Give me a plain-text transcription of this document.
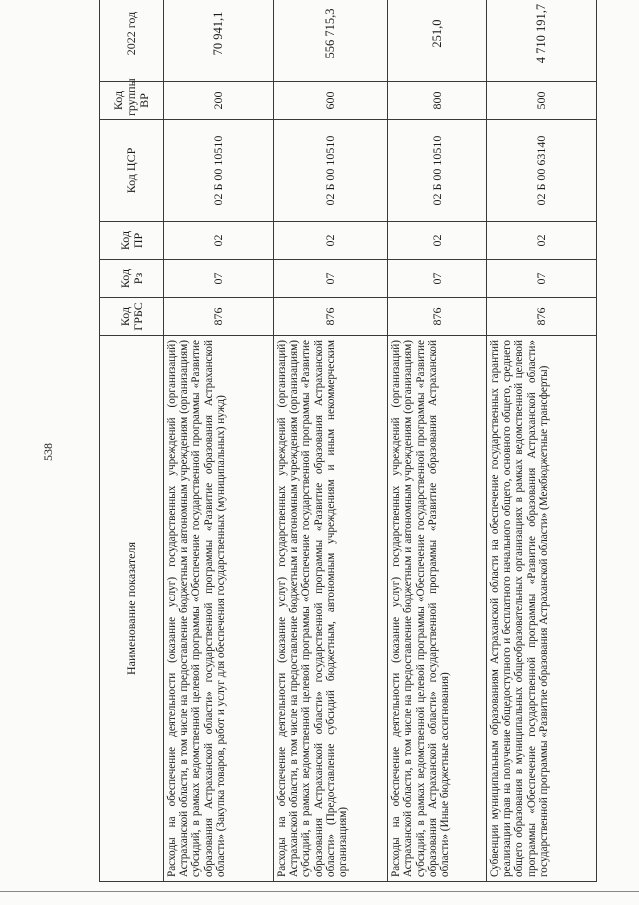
538
Наименование показателя	Код ГРБС	Код Рз	Код ПР	Код ЦСР	Код группы ВР	2022 год
Расходы на обеспечение деятельности (оказание услуг) государственных учреждений (организаций) Астраханской области, в том числе на предоставление бюджетным и автономным учреждениям (организациям) субсидий, в рамках ведомственной целевой программы «Обеспечение государственной программы «Развитие образования Астраханской области» государственной программы «Развитие образования Астраханской области» (Закупка товаров, работ и услуг для обеспечения государственных (муниципальных) нужд)	876	07	02	02 Б 00 10510	200	70 941,1
Расходы на обеспечение деятельности (оказание услуг) государственных учреждений (организаций) Астраханской области, в том числе на предоставление бюджетным и автономным учреждениям (организациям) субсидий, в рамках ведомственной целевой программы «Обеспечение государственной программы «Развитие образования Астраханской области» государственной программы «Развитие образования Астраханской области» (Предоставление субсидий бюджетным, автономным учреждениям и иным некоммерческим организациям)	876	07	02	02 Б 00 10510	600	556 715,3
Расходы на обеспечение деятельности (оказание услуг) государственных учреждений (организаций) Астраханской области, в том числе на предоставление бюджетным и автономным учреждениям (организациям) субсидий, в рамках ведомственной целевой программы «Обеспечение государственной программы «Развитие образования Астраханской области» государственной программы «Развитие образования Астраханской области» (Иные бюджетные ассигнования)	876	07	02	02 Б 00 10510	800	251,0
Субвенции муниципальным образованиям Астраханской области на обеспечение государственных гарантий реализации прав на получение общедоступного и бесплатного начального общего, основного общего, среднего общего образования в муниципальных общеобразовательных организациях в рамках ведомственной целевой программы «Обеспечение государственной программы «Развитие образования Астраханской области» государственной программы «Развитие образования Астраханской области» (Межбюджетные трансферты)	876	07	02	02 Б 00 63140	500	4 710 191,7
